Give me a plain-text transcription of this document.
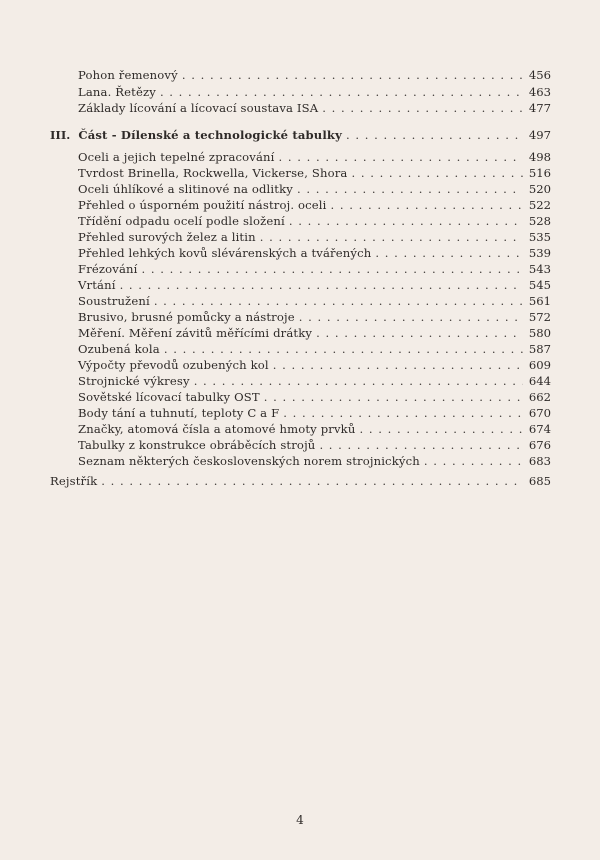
Pohon řemenový . . .	456
Lana. Řetězy . . .	463
Základy lícování a lícovací soustava ISA . . .	477
III. Část - Dílenské a technologické tabulky . . .	497
Oceli a jejich tepelné zpracování . . .	498
Tvrdost Brinella, Rockwella, Vickerse, Shora . . .	516
Oceli úhlíkové a slitinové na odlitky . . .	520
Přehled o úsporném použití nástroj. oceli . . .	522
Třídění odpadu ocelí podle složení . . .	528
Přehled surových želez a litin . . .	535
Přehled lehkých kovů slévárenských a tvářených . . .	539
Frézování . . .	543
Vrtání . . .	545
Soustružení . . .	561
Brusivo, brusné pomůcky a nástroje . . .	572
Měření. Měření závitů měřícími drátky . . .	580
Ozubená kola . . .	587
Výpočty převodů ozubených kol . . .	609
Strojnické výkresy . . .	644
Sovětské lícovací tabulky OST . . .	662
Body tání a tuhnutí, teploty C a F . . .	670
Značky, atomová čísla a atomové hmoty prvků . . .	674
Tabulky z konstrukce obráběcích strojů . . .	676
Seznam některých československých norem strojnických . . .	683
Rejstřík . . .	685
4
